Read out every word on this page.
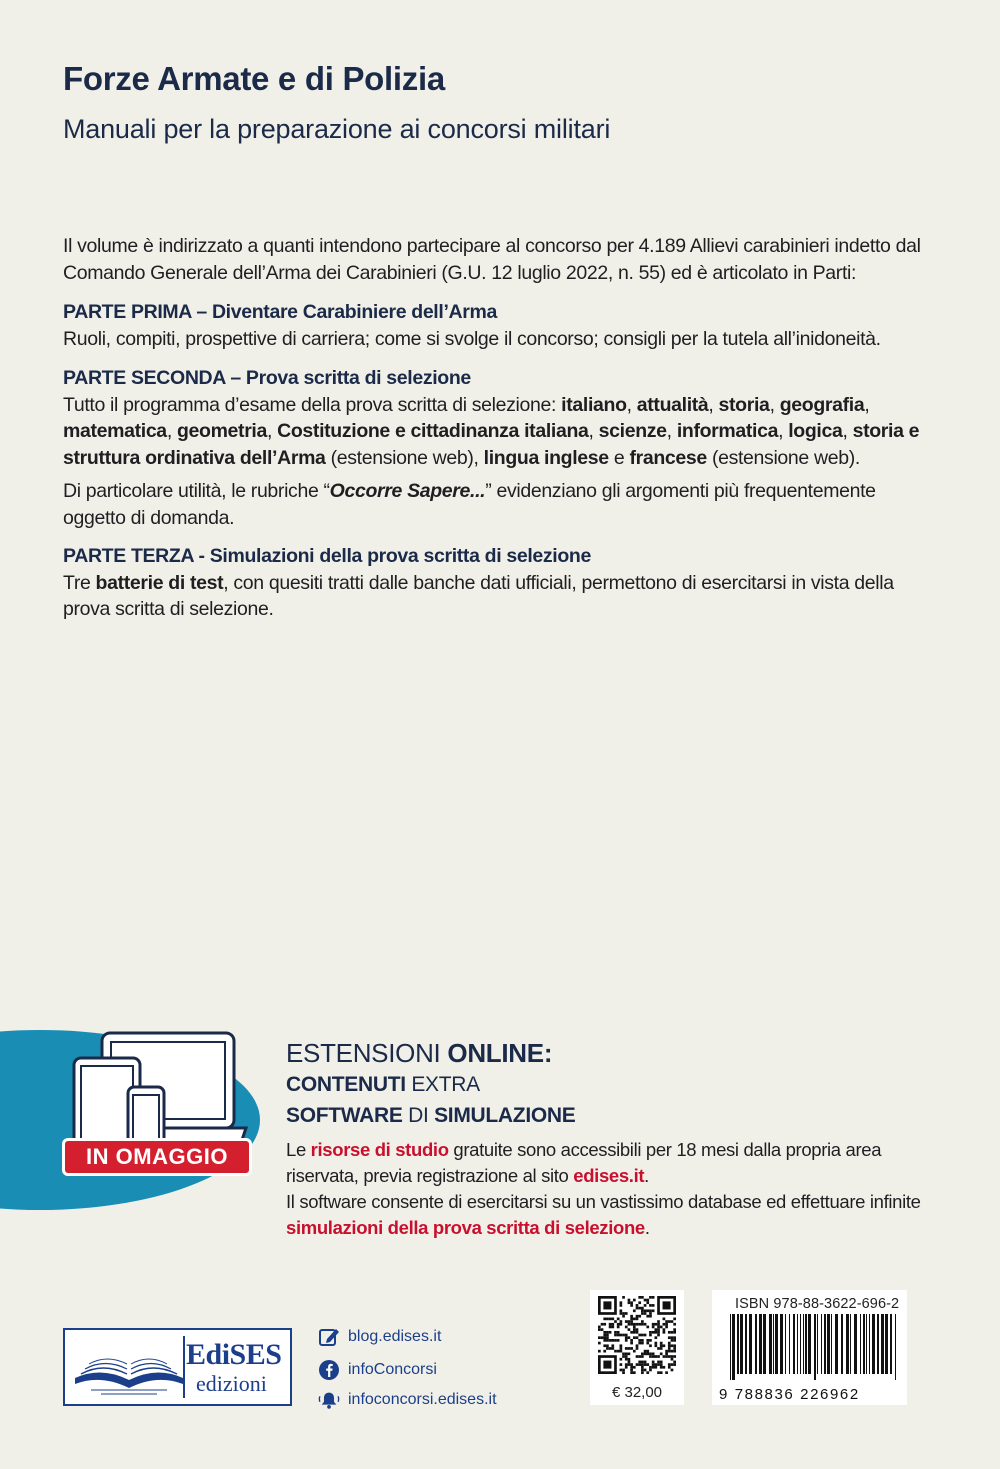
Forze Armate e di Polizia
Manuali per la preparazione ai concorsi militari
Il volume è indirizzato a quanti intendono partecipare al concorso per 4.189 Allievi carabinieri indetto dal Comando Generale dell’Arma dei Carabinieri (G.U. 12 luglio 2022, n. 55) ed è articolato in Parti:
PARTE PRIMA – Diventare Carabiniere dell’Arma
Ruoli, compiti, prospettive di carriera; come si svolge il concorso; consigli per la tutela all’inidoneità.
PARTE SECONDA – Prova scritta di selezione
Tutto il programma d’esame della prova scritta di selezione: italiano, attualità, storia, geografia, matematica, geometria, Costituzione e cittadinanza italiana, scienze, informatica, logica, storia e struttura ordinativa dell’Arma (estensione web), lingua inglese e francese (estensione web).
Di particolare utilità, le rubriche “Occorre Sapere...” evidenziano gli argomenti più frequentemente oggetto di domanda.
PARTE TERZA - Simulazioni della prova scritta di selezione
Tre batterie di test, con quesiti tratti dalle banche dati ufficiali, permettono di esercitarsi in vista della prova scritta di selezione.
IN OMAGGIO
ESTENSIONI ONLINE:
CONTENUTI EXTRA
SOFTWARE DI SIMULAZIONE
Le risorse di studio gratuite sono accessibili per 18 mesi dalla propria area riservata, previa registrazione al sito edises.it.
Il software consente di esercitarsi su un vastissimo database ed effettuare infinite simulazioni della prova scritta di selezione.
EdiSES
edizioni
blog.edises.it
infoConcorsi
infoconcorsi.edises.it	€ 32,00
ISBN 978-88-3622-696-2
9 788836 226962
